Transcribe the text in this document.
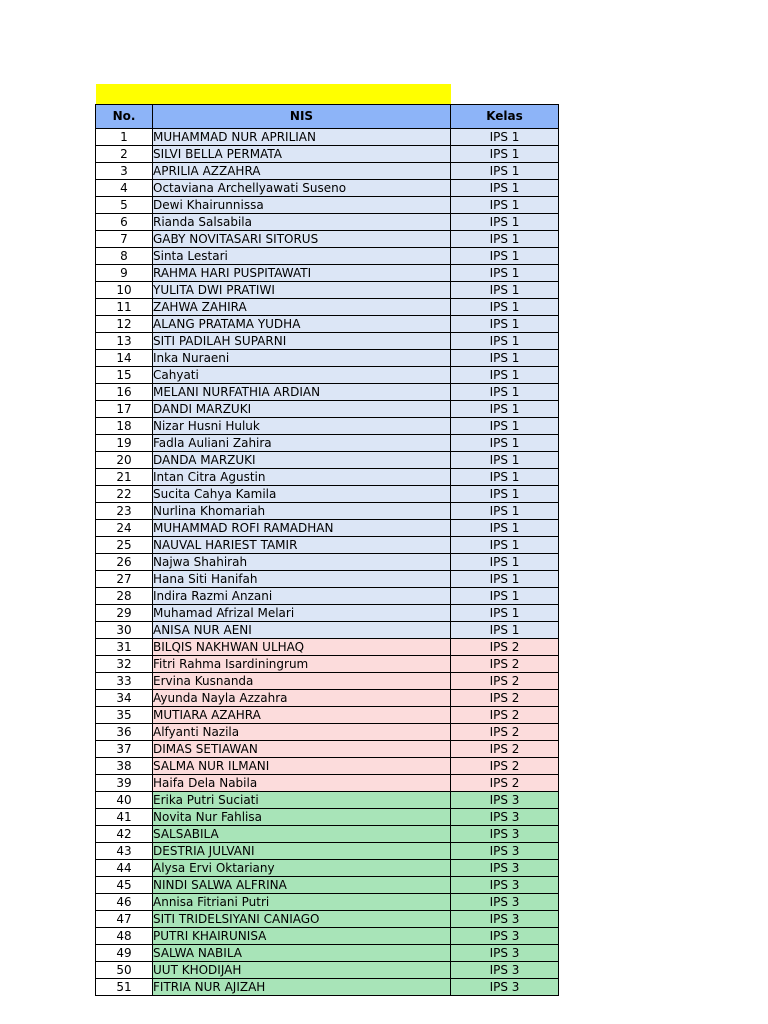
No.	NIS	Kelas
1	MUHAMMAD NUR APRILIAN	IPS 1
2	SILVI BELLA PERMATA	IPS 1
3	APRILIA AZZAHRA	IPS 1
4	Octaviana Archellyawati Suseno	IPS 1
5	Dewi Khairunnissa	IPS 1
6	Rianda Salsabila	IPS 1
7	GABY NOVITASARI SITORUS	IPS 1
8	Sinta Lestari	IPS 1
9	RAHMA HARI PUSPITAWATI	IPS 1
10	YULITA DWI PRATIWI	IPS 1
11	ZAHWA ZAHIRA	IPS 1
12	ALANG PRATAMA YUDHA	IPS 1
13	SITI PADILAH SUPARNI	IPS 1
14	Inka Nuraeni	IPS 1
15	Cahyati	IPS 1
16	MELANI NURFATHIA ARDIAN	IPS 1
17	DANDI MARZUKI	IPS 1
18	Nizar Husni Huluk	IPS 1
19	Fadla Auliani Zahira	IPS 1
20	DANDA MARZUKI	IPS 1
21	Intan Citra Agustin	IPS 1
22	Sucita Cahya Kamila	IPS 1
23	Nurlina Khomariah	IPS 1
24	MUHAMMAD ROFI RAMADHAN	IPS 1
25	NAUVAL HARIEST TAMIR	IPS 1
26	Najwa Shahirah	IPS 1
27	Hana Siti Hanifah	IPS 1
28	Indira Razmi Anzani	IPS 1
29	Muhamad Afrizal Melari	IPS 1
30	ANISA NUR AENI	IPS 1
31	BILQIS NAKHWAN ULHAQ	IPS 2
32	Fitri Rahma Isardiningrum	IPS 2
33	Ervina Kusnanda	IPS 2
34	Ayunda Nayla Azzahra	IPS 2
35	MUTIARA AZAHRA	IPS 2
36	Alfyanti Nazila	IPS 2
37	DIMAS SETIAWAN	IPS 2
38	SALMA NUR ILMANI	IPS 2
39	Haifa Dela Nabila	IPS 2
40	Erika Putri Suciati	IPS 3
41	Novita Nur Fahlisa	IPS 3
42	SALSABILA	IPS 3
43	DESTRIA JULVANI	IPS 3
44	Alysa Ervi Oktariany	IPS 3
45	NINDI SALWA ALFRINA	IPS 3
46	Annisa Fitriani Putri	IPS 3
47	SITI TRIDELSIYANI CANIAGO	IPS 3
48	PUTRI KHAIRUNISA	IPS 3
49	SALWA NABILA	IPS 3
50	UUT KHODIJAH	IPS 3
51	FITRIA NUR AJIZAH	IPS 3
